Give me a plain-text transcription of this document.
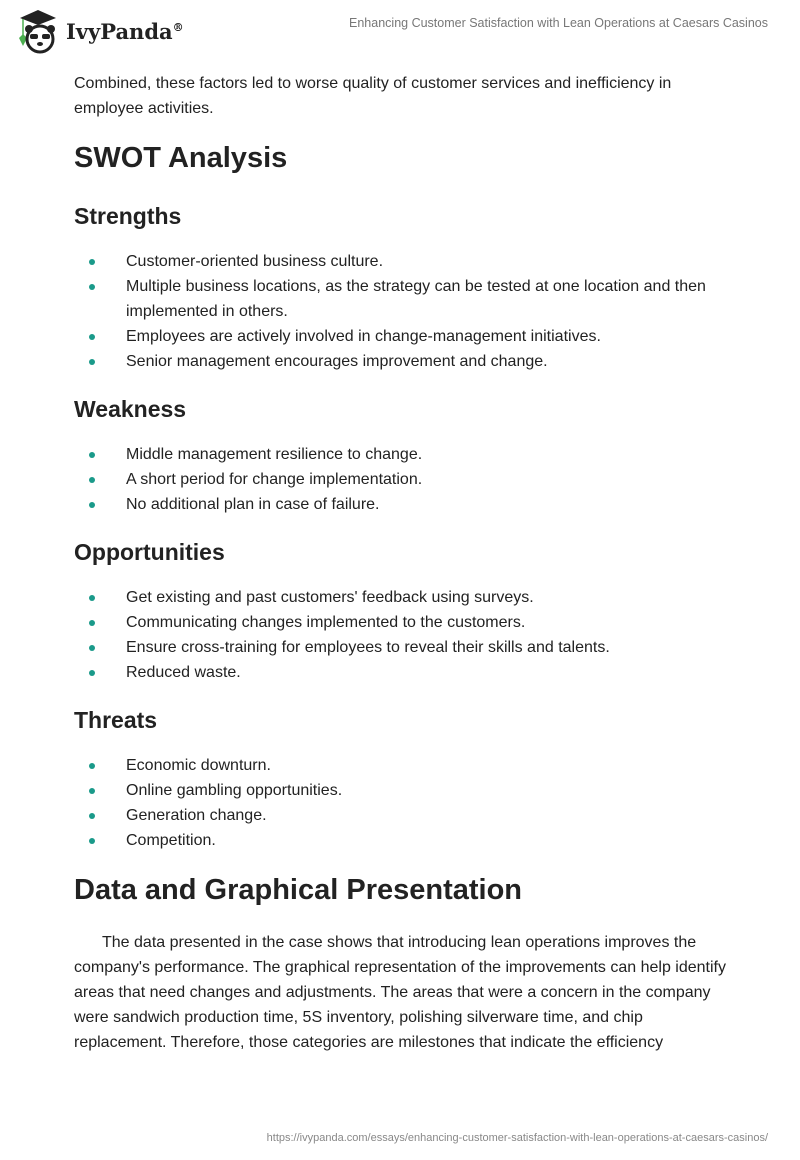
IvyPanda®	Enhancing Customer Satisfaction with Lean Operations at Caesars Casinos

Combined, these factors led to worse quality of customer services and inefficiency in employee activities.

SWOT Analysis
Strengths
Customer-oriented business culture.
Multiple business locations, as the strategy can be tested at one location and then implemented in others.
Employees are actively involved in change-management initiatives.
Senior management encourages improvement and change.
Weakness
Middle management resilience to change.
A short period for change implementation.
No additional plan in case of failure.
Opportunities
Get existing and past customers' feedback using surveys.
Communicating changes implemented to the customers.
Ensure cross-training for employees to reveal their skills and talents.
Reduced waste.
Threats
Economic downturn.
Online gambling opportunities.
Generation change.
Competition.
Data and Graphical Presentation

The data presented in the case shows that introducing lean operations improves the company's performance. The graphical representation of the improvements can help identify areas that need changes and adjustments. The areas that were a concern in the company were sandwich production time, 5S inventory, polishing silverware time, and chip replacement. Therefore, those categories are milestones that indicate the efficiency

https://ivypanda.com/essays/enhancing-customer-satisfaction-with-lean-operations-at-caesars-casinos/
